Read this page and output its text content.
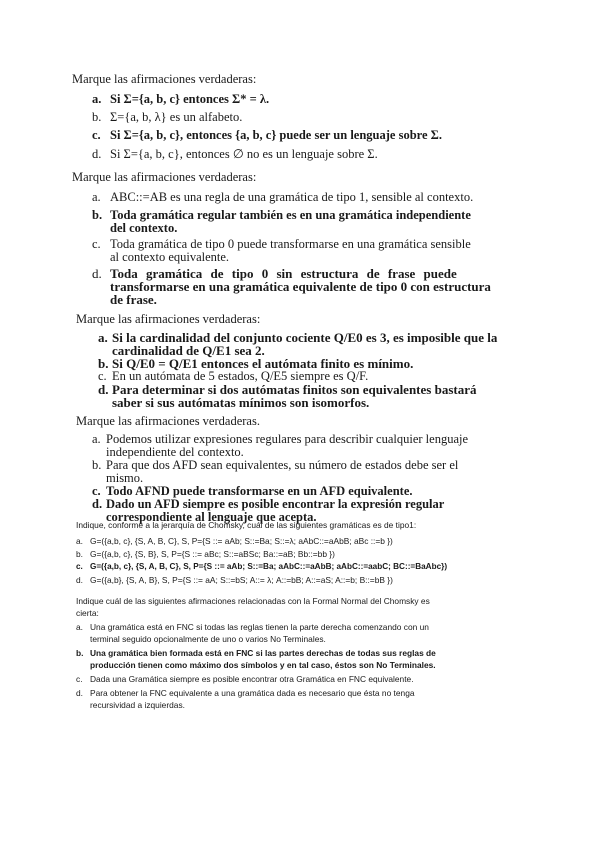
Marque las afirmaciones verdaderas:
a. Si Σ={a, b, c} entonces Σ* = λ.
b. Σ={a, b, λ} es un alfabeto.
c. Si Σ={a, b, c}, entonces {a, b, c} puede ser un lenguaje sobre Σ.
d. Si Σ={a, b, c}, entonces ∅ no es un lenguaje sobre Σ.
Marque las afirmaciones verdaderas:
a. ABC::=AB es una regla de una gramática de tipo 1, sensible al contexto.
b. Toda gramática regular también es en una gramática independiente
del contexto.
c. Toda gramática de tipo 0 puede transformarse en una gramática sensible
al contexto equivalente.
d. Toda gramática de tipo 0 sin estructura de frase puede
transformarse en una gramática equivalente de tipo 0 con estructura
de frase.
Marque las afirmaciones verdaderas:
a. Si la cardinalidad del conjunto cociente Q/E0 es 3, es imposible que la
cardinalidad de Q/E1 sea 2.
b. Si Q/E0 = Q/E1 entonces el autómata finito es mínimo.
c. En un autómata de 5 estados, Q/E5 siempre es Q/F.
d. Para determinar si dos autómatas finitos son equivalentes bastará
saber si sus autómatas mínimos son isomorfos.
Marque las afirmaciones verdaderas.
a. Podemos utilizar expresiones regulares para describir cualquier lenguaje
independiente del contexto.
b. Para que dos AFD sean equivalentes, su número de estados debe ser el
mismo.
c. Todo AFND puede transformarse en un AFD equivalente.
d. Dado un AFD siempre es posible encontrar la expresión regular
correspondiente al lenguaje que acepta.
Indique, conforme a la jerarquía de Chomsky, cuál de las siguientes gramáticas es de tipo1:
a. G=({a,b, c}, {S, A, B, C}, S, P={S ::= aAb; S::=Ba; S::=λ; aAbC::=aAbB; aBc ::=b })
b. G=({a,b, c}, {S, B}, S, P={S ::= aBc; S::=aBSc; Ba::=aB; Bb::=bb })
c. G=({a,b, c}, {S, A, B, C}, S, P={S ::= aAb; S::=Ba; aAbC::=aAbB; aAbC::=aabC; BC::=BaAbc})
d. G=({a,b}, {S, A, B}, S, P={S ::= aA; S::=bS; A::= λ; A::=bB; A::=aS; A::=b; B::=bB })
Indique cuál de las siguientes afirmaciones relacionadas con la Formal Normal del Chomsky es
cierta:
a. Una gramática está en FNC si todas las reglas tienen la parte derecha comenzando con un
terminal seguido opcionalmente de uno o varios No Terminales.
b. Una gramática bien formada está en FNC si las partes derechas de todas sus reglas de
producción tienen como máximo dos símbolos y en tal caso, éstos son No Terminales.
c. Dada una Gramática siempre es posible encontrar otra Gramática en FNC equivalente.
d. Para obtener la FNC equivalente a una gramática dada es necesario que ésta no tenga
recursividad a izquierdas.
